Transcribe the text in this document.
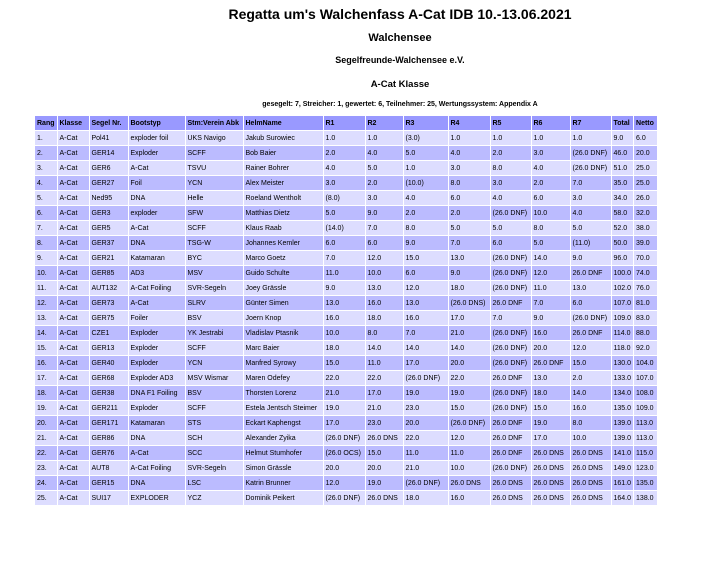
Regatta um's Walchenfass A-Cat IDB 10.-13.06.2021
Walchensee
Segelfreunde-Walchensee e.V.
A-Cat Klasse
gesegelt: 7, Streicher: 1, gewertet: 6, Teilnehmer: 25, Wertungssystem: Appendix A
Rang	Klasse	Segel Nr.	Bootstyp	Stm:Verein Abk	HelmName	R1	R2	R3	R4	R5	R6	R7	Total	Netto
1.	A-Cat	Pol41	exploder foil	UKS Navigo	Jakub Surowiec	1.0	1.0	(3.0)	1.0	1.0	1.0	1.0	9.0	6.0
2.	A-Cat	GER14	Exploder	SCFF	Bob Baier	2.0	4.0	5.0	4.0	2.0	3.0	(26.0 DNF)	46.0	20.0
3.	A-Cat	GER6	A-Cat	TSVU	Rainer Bohrer	4.0	5.0	1.0	3.0	8.0	4.0	(26.0 DNF)	51.0	25.0
4.	A-Cat	GER27	Foil	YCN	Alex Meister	3.0	2.0	(10.0)	8.0	3.0	2.0	7.0	35.0	25.0
5.	A-Cat	Ned95	DNA	Helle	Roeland Wentholt	(8.0)	3.0	4.0	6.0	4.0	6.0	3.0	34.0	26.0
6.	A-Cat	GER3	exploder	SFW	Matthias Dietz	5.0	9.0	2.0	2.0	(26.0 DNF)	10.0	4.0	58.0	32.0
7.	A-Cat	GER5	A-Cat	SCFF	Klaus Raab	(14.0)	7.0	8.0	5.0	5.0	8.0	5.0	52.0	38.0
8.	A-Cat	GER37	DNA	TSG-W	Johannes Kemler	6.0	6.0	9.0	7.0	6.0	5.0	(11.0)	50.0	39.0
9.	A-Cat	GER21	Katamaran	BYC	Marco Goetz	7.0	12.0	15.0	13.0	(26.0 DNF)	14.0	9.0	96.0	70.0
10.	A-Cat	GER85	AD3	MSV	Guido Schulte	11.0	10.0	6.0	9.0	(26.0 DNF)	12.0	26.0 DNF	100.0	74.0
11.	A-Cat	AUT132	A-Cat Foiling	SVR-Segeln	Joey Grässle	9.0	13.0	12.0	18.0	(26.0 DNF)	11.0	13.0	102.0	76.0
12.	A-Cat	GER73	A-Cat	SLRV	Günter Simen	13.0	16.0	13.0	(26.0 DNS)	26.0 DNF	7.0	6.0	107.0	81.0
13.	A-Cat	GER75	Foiler	BSV	Joern Knop	16.0	18.0	16.0	17.0	7.0	9.0	(26.0 DNF)	109.0	83.0
14.	A-Cat	CZE1	Exploder	YK Jestrabi	Vladislav Ptasnik	10.0	8.0	7.0	21.0	(26.0 DNF)	16.0	26.0 DNF	114.0	88.0
15.	A-Cat	GER13	Exploder	SCFF	Marc Baier	18.0	14.0	14.0	14.0	(26.0 DNF)	20.0	12.0	118.0	92.0
16.	A-Cat	GER40	Exploder	YCN	Manfred Syrowy	15.0	11.0	17.0	20.0	(26.0 DNF)	26.0 DNF	15.0	130.0	104.0
17.	A-Cat	GER68	Exploder AD3	MSV Wismar	Maren Odefey	22.0	22.0	(26.0 DNF)	22.0	26.0 DNF	13.0	2.0	133.0	107.0
18.	A-Cat	GER38	DNA F1 Foiling	BSV	Thorsten Lorenz	21.0	17.0	19.0	19.0	(26.0 DNF)	18.0	14.0	134.0	108.0
19.	A-Cat	GER211	Exploder	SCFF	Estela Jentsch Steimer	19.0	21.0	23.0	15.0	(26.0 DNF)	15.0	16.0	135.0	109.0
20.	A-Cat	GER171	Katamaran	STS	Eckart Kaphengst	17.0	23.0	20.0	(26.0 DNF)	26.0 DNF	19.0	8.0	139.0	113.0
21.	A-Cat	GER86	DNA	SCH	Alexander Zyika	(26.0 DNF)	26.0 DNS	22.0	12.0	26.0 DNF	17.0	10.0	139.0	113.0
22.	A-Cat	GER76	A-Cat	SCC	Helmut Stumhofer	(26.0 OCS)	15.0	11.0	11.0	26.0 DNF	26.0 DNS	26.0 DNS	141.0	115.0
23.	A-Cat	AUT8	A-Cat Foiling	SVR-Segeln	Simon Grässle	20.0	20.0	21.0	10.0	(26.0 DNF)	26.0 DNS	26.0 DNS	149.0	123.0
24.	A-Cat	GER15	DNA	LSC	Katrin Brunner	12.0	19.0	(26.0 DNF)	26.0 DNS	26.0 DNS	26.0 DNS	26.0 DNS	161.0	135.0
25.	A-Cat	SUI17	EXPLODER	YCZ	Dominik Peikert	(26.0 DNF)	26.0 DNS	18.0	16.0	26.0 DNS	26.0 DNS	26.0 DNS	164.0	138.0
